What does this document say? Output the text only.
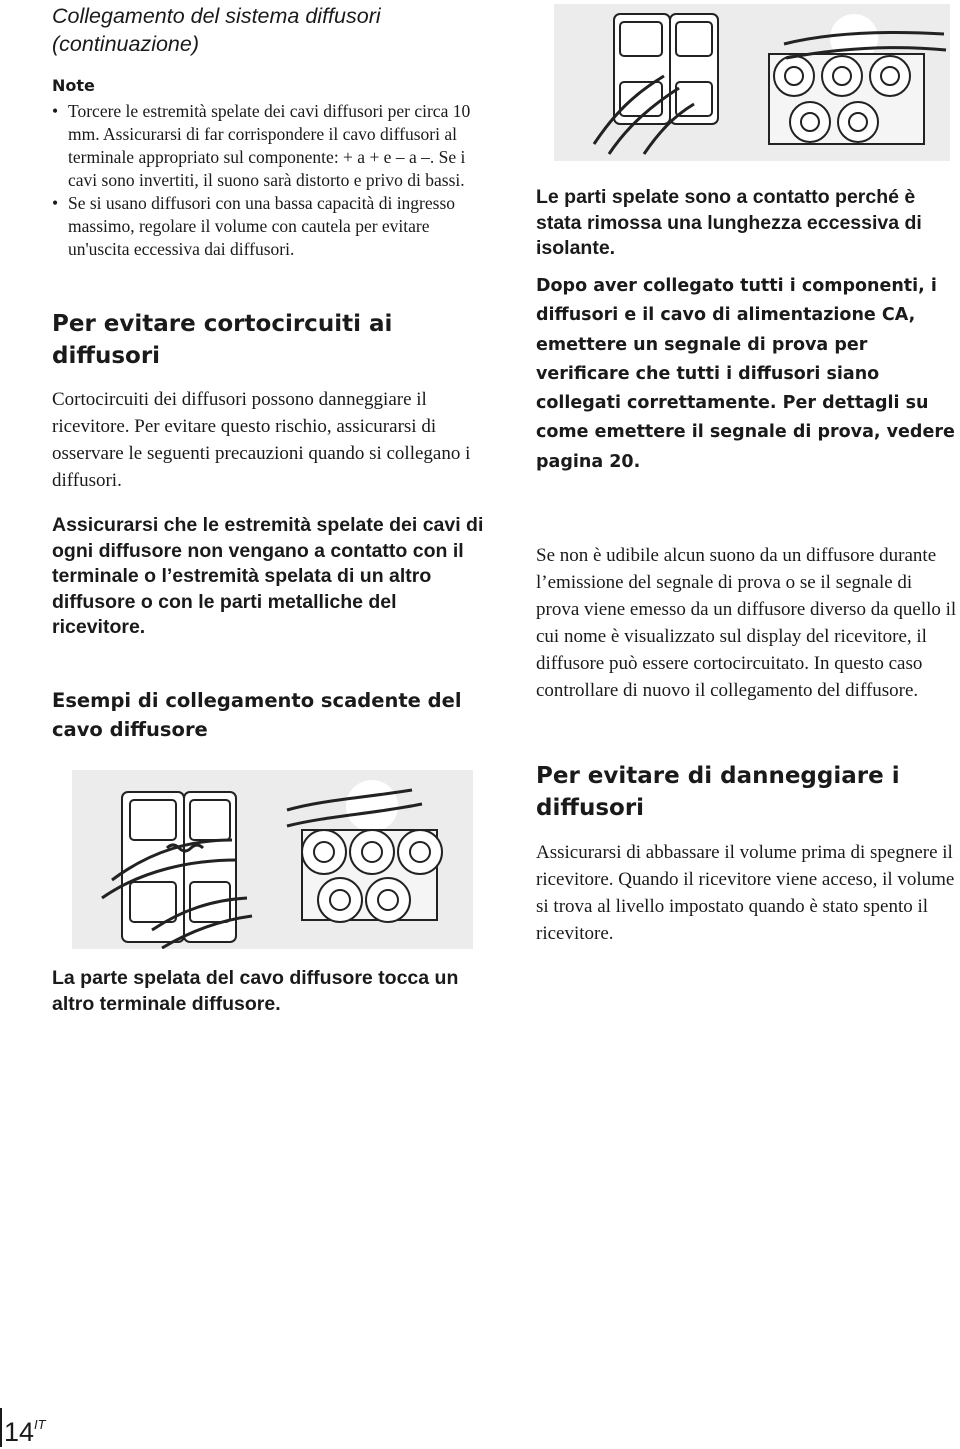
Collegamento del sistema diffusori (continuazione)
Note
• Torcere le estremità spelate dei cavi diffusori per circa 10 mm. Assicurarsi di far corrispondere il cavo diffusori al terminale appropriato sul componente: + a + e – a –. Se i cavi sono invertiti, il suono sarà distorto e privo di bassi.
• Se si usano diffusori con una bassa capacità di ingresso massimo, regolare il volume con cautela per evitare un'uscita eccessiva dai diffusori.
Per evitare cortocircuiti ai diffusori

Cortocircuiti dei diffusori possono danneggiare il ricevitore. Per evitare questo rischio, assicurarsi di osservare le seguenti precauzioni quando si collegano i diffusori.

Assicurarsi che le estremità spelate dei cavi di ogni diffusore non vengano a contatto con il terminale o l’estremità spelata di un altro diffusore o con le parti metalliche del ricevitore.

Esempi di collegamento scadente del cavo diffusore

La parte spelata del cavo diffusore tocca un altro terminale diffusore.

Le parti spelate sono a contatto perché è stata rimossa una lunghezza eccessiva di isolante.

Dopo aver collegato tutti i componenti, i diffusori e il cavo di alimentazione CA, emettere un segnale di prova per verificare che tutti i diffusori siano collegati correttamente. Per dettagli su come emettere il segnale di prova, vedere pagina 20.

Se non è udibile alcun suono da un diffusore durante l’emissione del segnale di prova o se il segnale di prova viene emesso da un diffusore diverso da quello il cui nome è visualizzato sul display del ricevitore, il diffusore può essere cortocircuitato. In questo caso controllare di nuovo il collegamento del diffusore.

Per evitare di danneggiare i diffusori

Assicurarsi di abbassare il volume prima di spegnere il ricevitore. Quando il ricevitore viene acceso, il volume si trova al livello impostato quando è stato spento il ricevitore.

$14^{IT}$
